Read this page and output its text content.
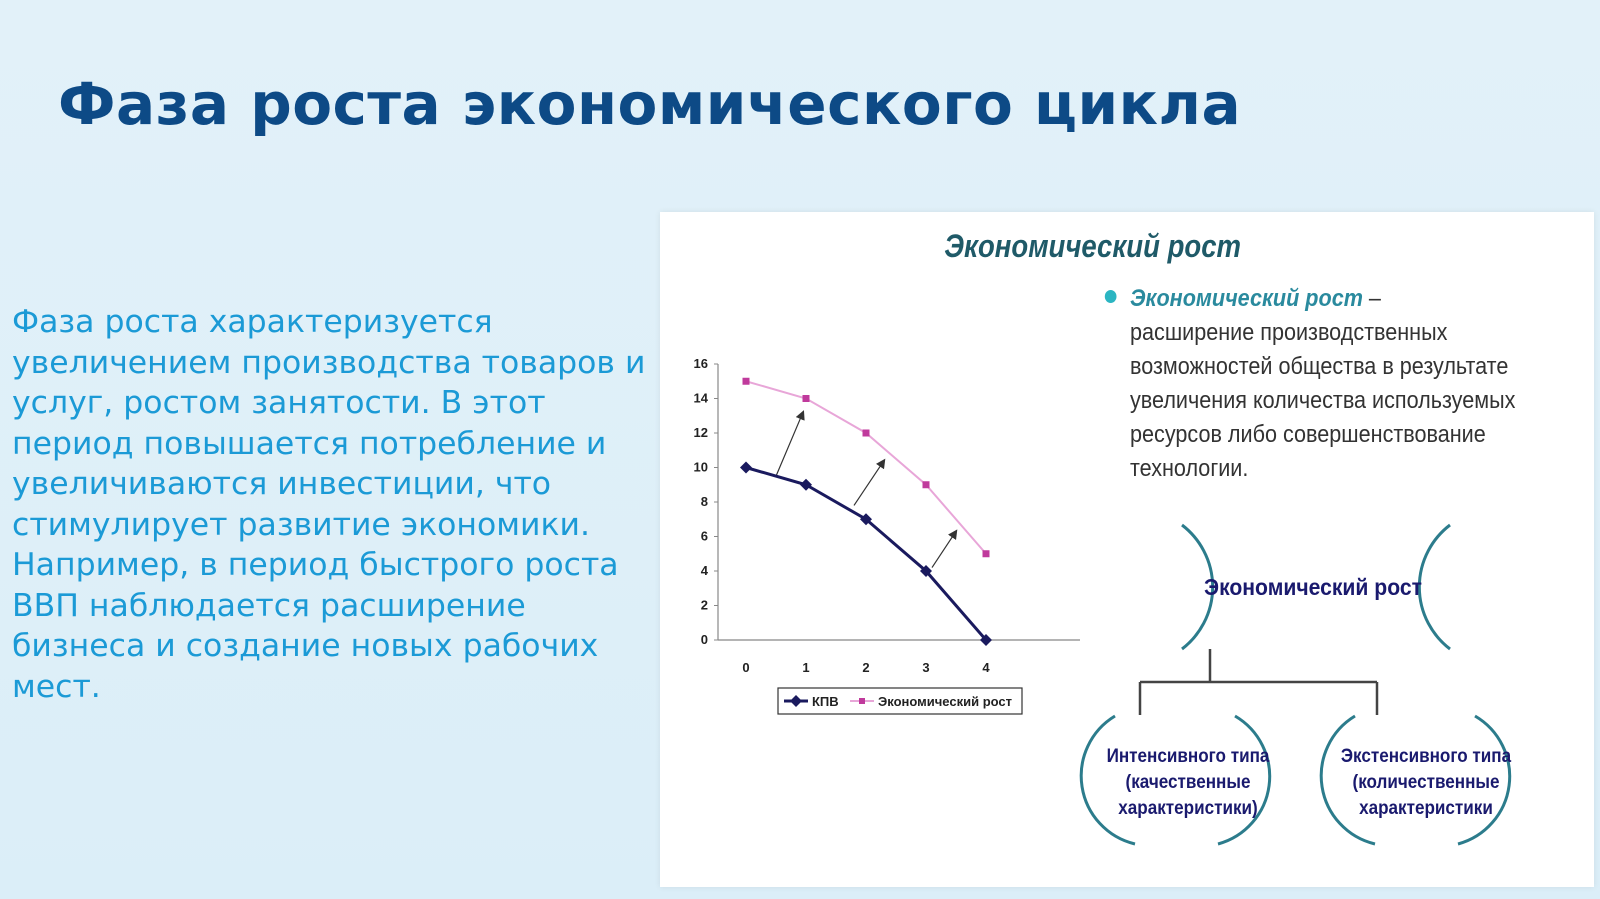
Фаза роста экономического цикла
Фаза роста характеризуется увеличением производства товаров и услуг, ростом занятости. В этот период повышается потребление и увеличиваются инвестиции, что стимулирует развитие экономики. Например, в период быстрого роста ВВП наблюдается расширение бизнеса и создание новых рабочих мест.
Экономический рост
Экономический рост –
расширение производственных возможностей общества в результате увеличения количества используемых ресурсов либо совершенствование технологии.
0
2
4
6
8
10
12
14
16
0	1	2	3	4
КПВ	Экономический рост
Экономический рост
Интенсивного типа
(качественные
характеристики)
Экстенсивного типа
(количественные
характеристики
